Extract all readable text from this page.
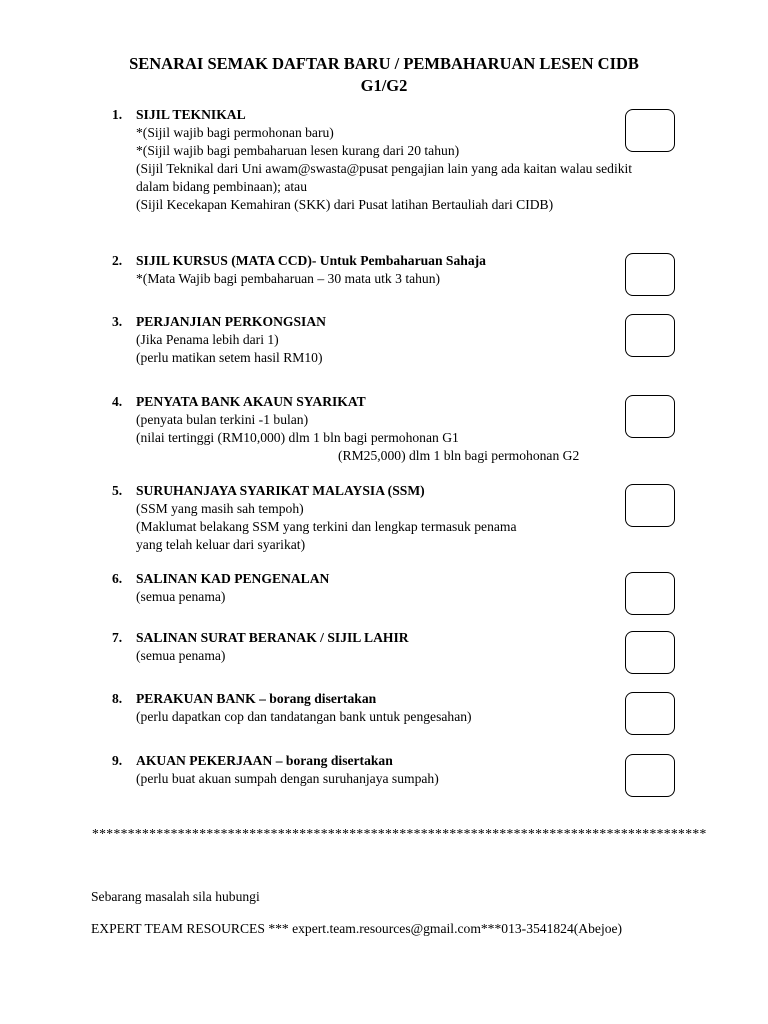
SENARAI SEMAK DAFTAR BARU / PEMBAHARUAN LESEN CIDB
G1/G2
1. SIJIL TEKNIKAL
*(Sijil wajib bagi permohonan baru)
*(Sijil wajib bagi pembaharuan lesen kurang dari 20 tahun)
(Sijil Teknikal dari Uni awam@swasta@pusat pengajian lain yang ada kaitan walau sedikit
dalam bidang pembinaan); atau
(Sijil Kecekapan Kemahiran (SKK) dari Pusat latihan Bertauliah dari CIDB)
2. SIJIL KURSUS (MATA CCD)- Untuk Pembaharuan Sahaja
*(Mata Wajib bagi pembaharuan – 30 mata utk 3 tahun)
3. PERJANJIAN PERKONGSIAN
(Jika Penama lebih dari 1)
(perlu matikan setem hasil RM10)
4. PENYATA BANK AKAUN SYARIKAT
(penyata bulan terkini -1 bulan)
(nilai tertinggi (RM10,000) dlm 1 bln bagi permohonan G1
(RM25,000) dlm 1 bln bagi permohonan G2
5. SURUHANJAYA SYARIKAT MALAYSIA (SSM)
(SSM yang masih sah tempoh)
(Maklumat belakang SSM yang terkini dan lengkap termasuk penama
yang telah keluar dari syarikat)
6. SALINAN KAD PENGENALAN
(semua penama)
7. SALINAN SURAT BERANAK / SIJIL LAHIR
(semua penama)
8. PERAKUAN BANK – borang disertakan
(perlu dapatkan cop dan tandatangan bank untuk pengesahan)
9. AKUAN PEKERJAAN – borang disertakan
(perlu buat akuan sumpah dengan suruhanjaya sumpah)
**************************************************************************************
Sebarang masalah sila hubungi
EXPERT TEAM RESOURCES *** expert.team.resources@gmail.com***013-3541824(Abejoe)
